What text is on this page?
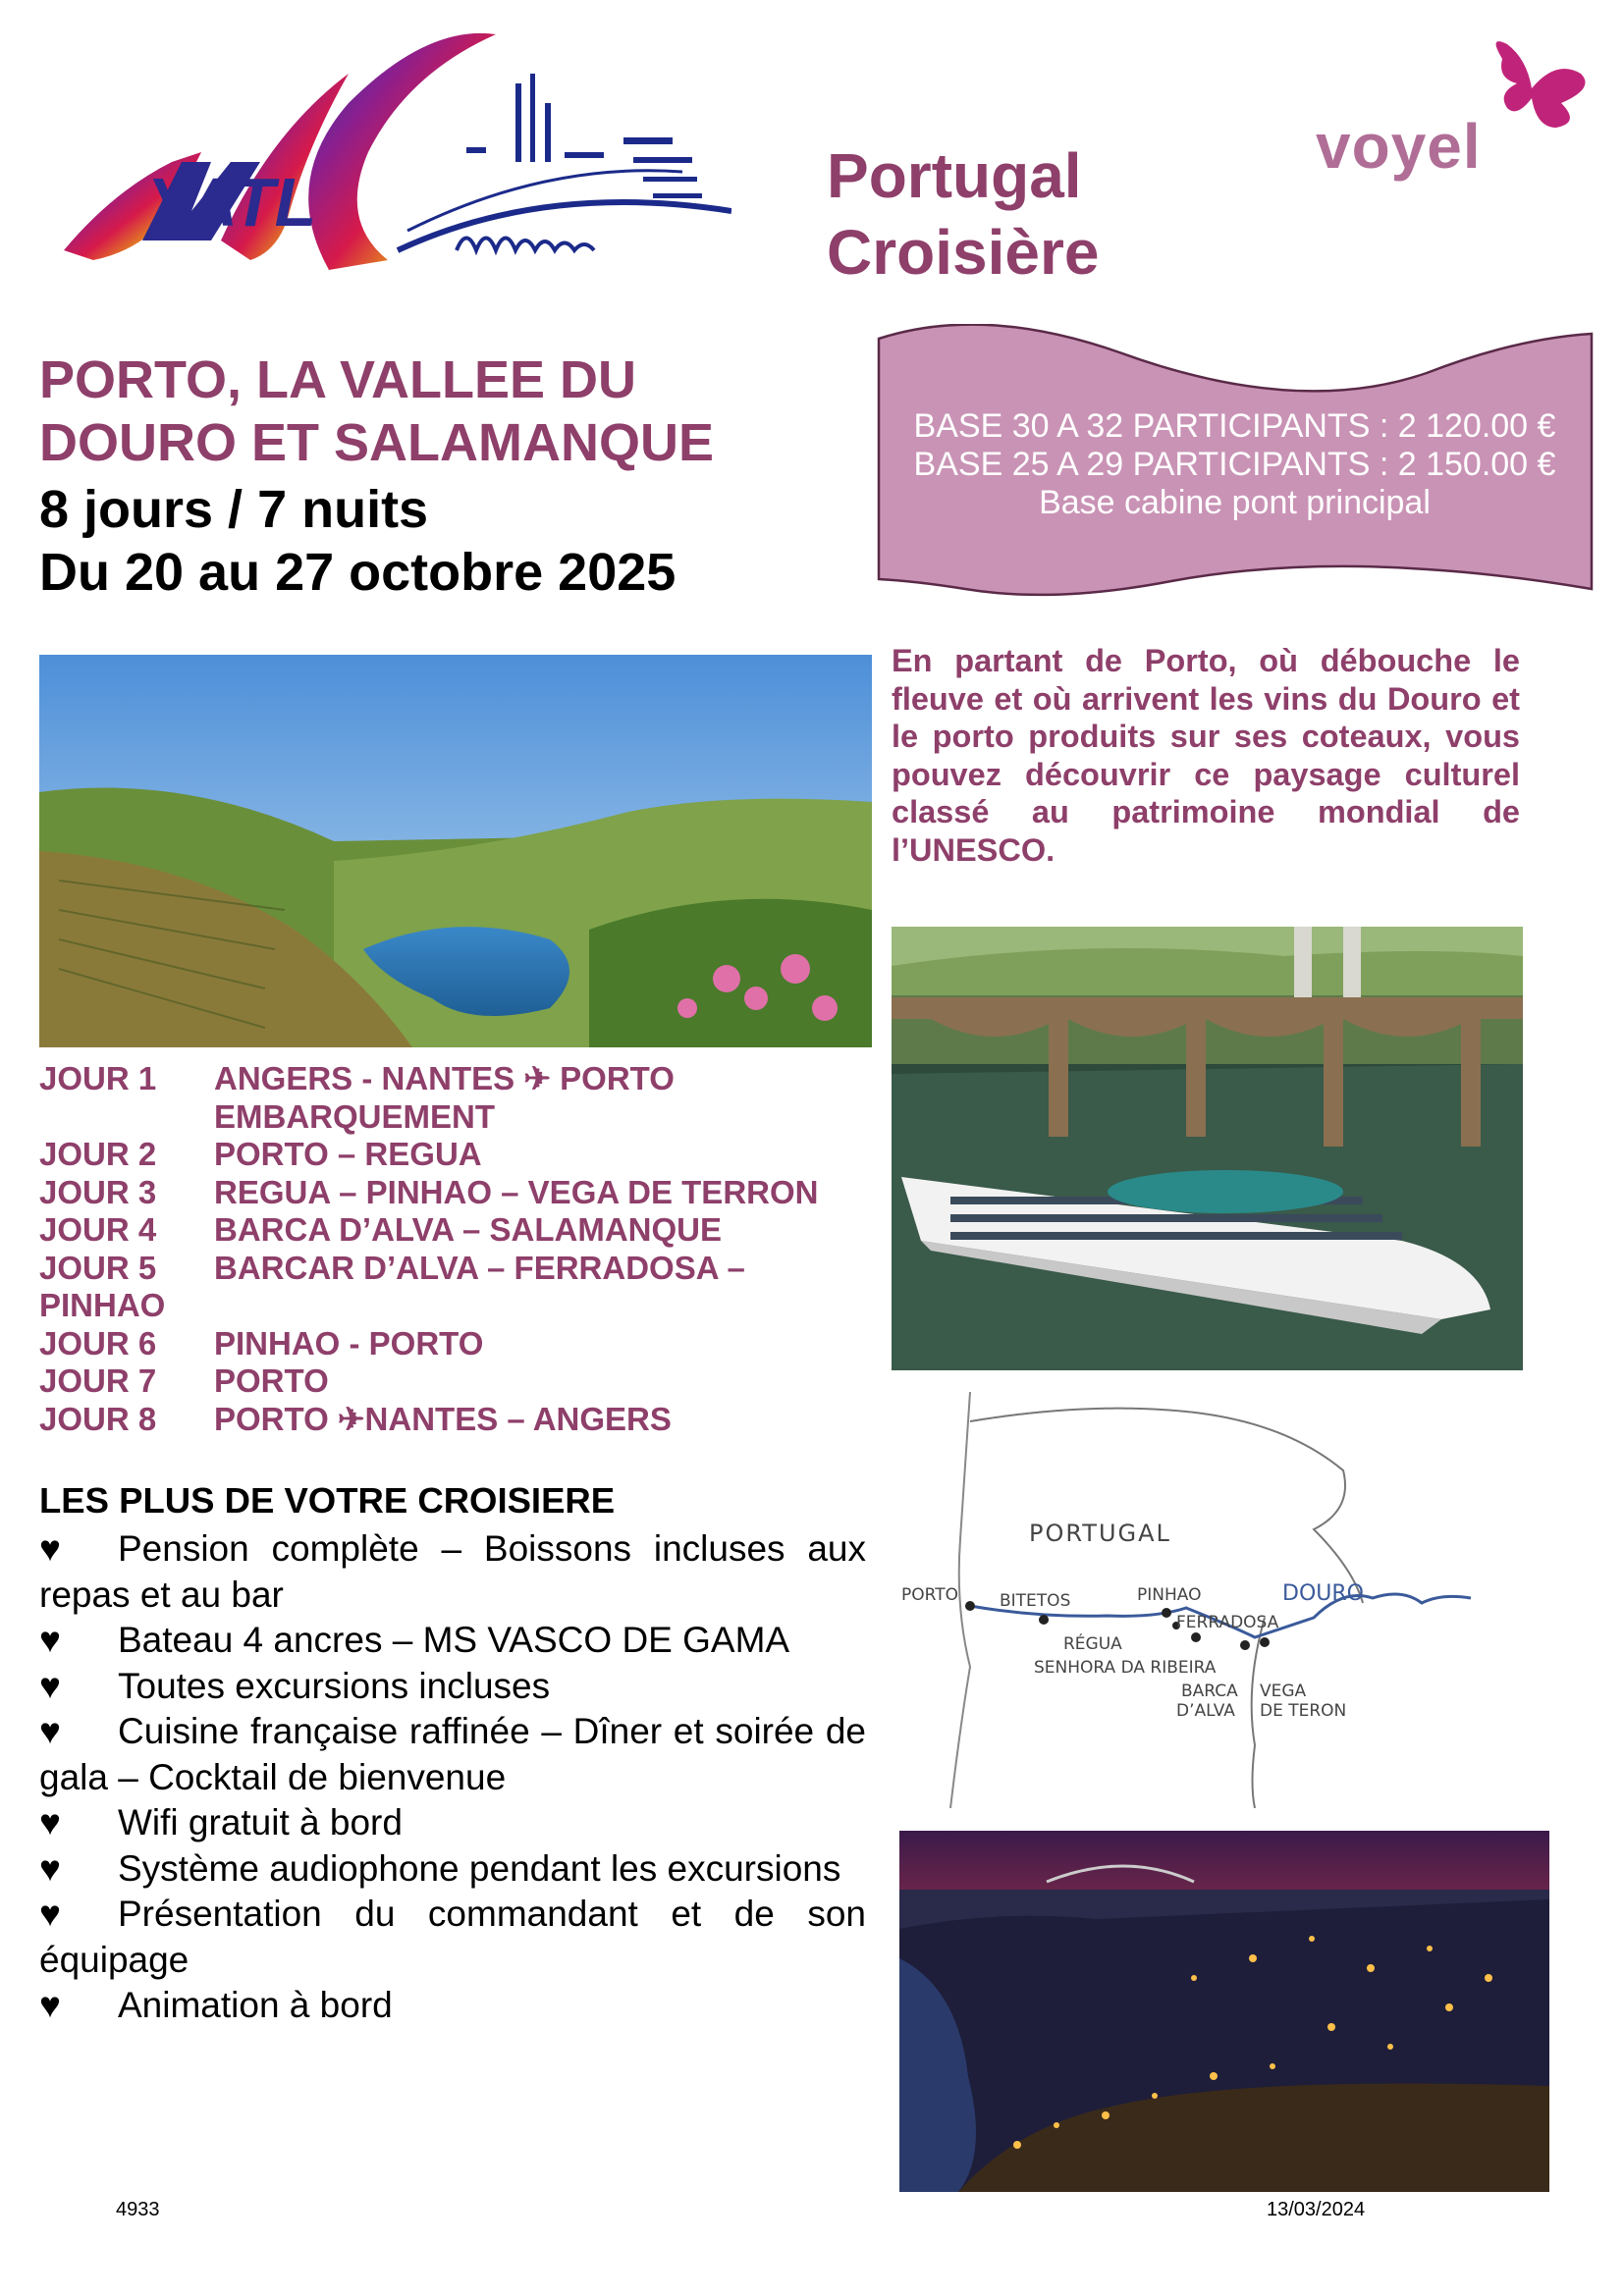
YATL
voyel
Portugal
Croisière
PORTO, LA VALLEE DU
DOURO ET SALAMANQUE
8 jours / 7 nuits
Du 20 au 27 octobre 2025
BASE 30 A 32 PARTICIPANTS : 2 120.00 €
BASE 25 A 29 PARTICIPANTS : 2 150.00 €
Base cabine pont principal
En partant de Porto, où débouche le fleuve et où arrivent les vins du Douro et le porto produits sur ses coteaux, vous pouvez découvrir ce paysage culturel classé au patrimoine mondial de l’UNESCO.
JOUR 1	ANGERS - NANTES ✈ PORTO
EMBARQUEMENT
JOUR 2	PORTO – REGUA
JOUR 3	REGUA – PINHAO – VEGA DE TERRON
JOUR 4	BARCA D’ALVA – SALAMANQUE
JOUR 5	BARCAR D’ALVA – FERRADOSA –
PINHAO
JOUR 6	PINHAO - PORTO
JOUR 7	PORTO
JOUR 8	PORTO ✈NANTES – ANGERS
LES PLUS DE VOTRE CROISIERE
♥ Pension complète – Boissons incluses aux repas et au bar
♥ Bateau 4 ancres – MS VASCO DE GAMA
♥ Toutes excursions incluses
♥ Cuisine française raffinée – Dîner et soirée de gala – Cocktail de bienvenue
♥ Wifi gratuit à bord
♥ Système audiophone pendant les excursions
♥ Présentation du commandant et de son équipage
♥ Animation à bord
PORTUGAL
DOURO
PORTO BITETOS	PINHAO
FERRADOSA
RÉGUA
SENHORA DA RIBEIRA
BARCA
D’ALVA
VEGA
DE TERON
4933	13/03/2024
